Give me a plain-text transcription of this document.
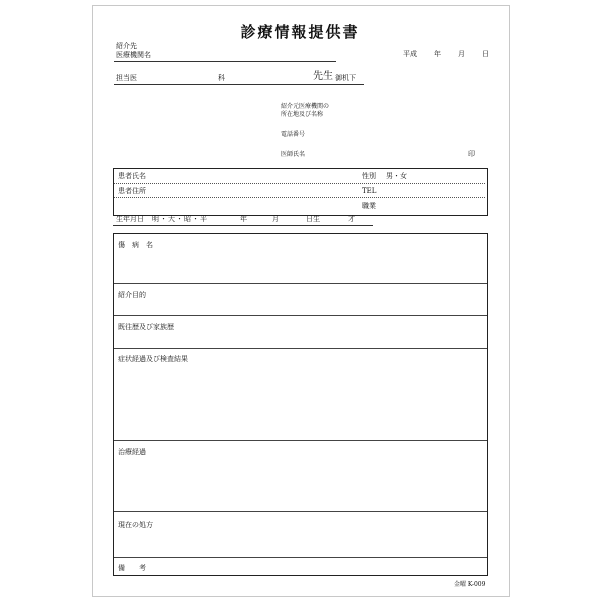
診療情報提供書
紹介先
医療機関名	平成 年 月 日
担当医	科	先生 御机下
紹介元医療機関の
所在地及び名称
電話番号
医師氏名	印
患者氏名	性別 男・女
患者住所	TEL
職業
生年月日 明・大・昭・平	年	月	日生	才
傷　病　名
紹介目的
既往歴及び家族歴
症状経過及び検査結果
治療経過
現在の処方
備　　考
金曜 K-009
